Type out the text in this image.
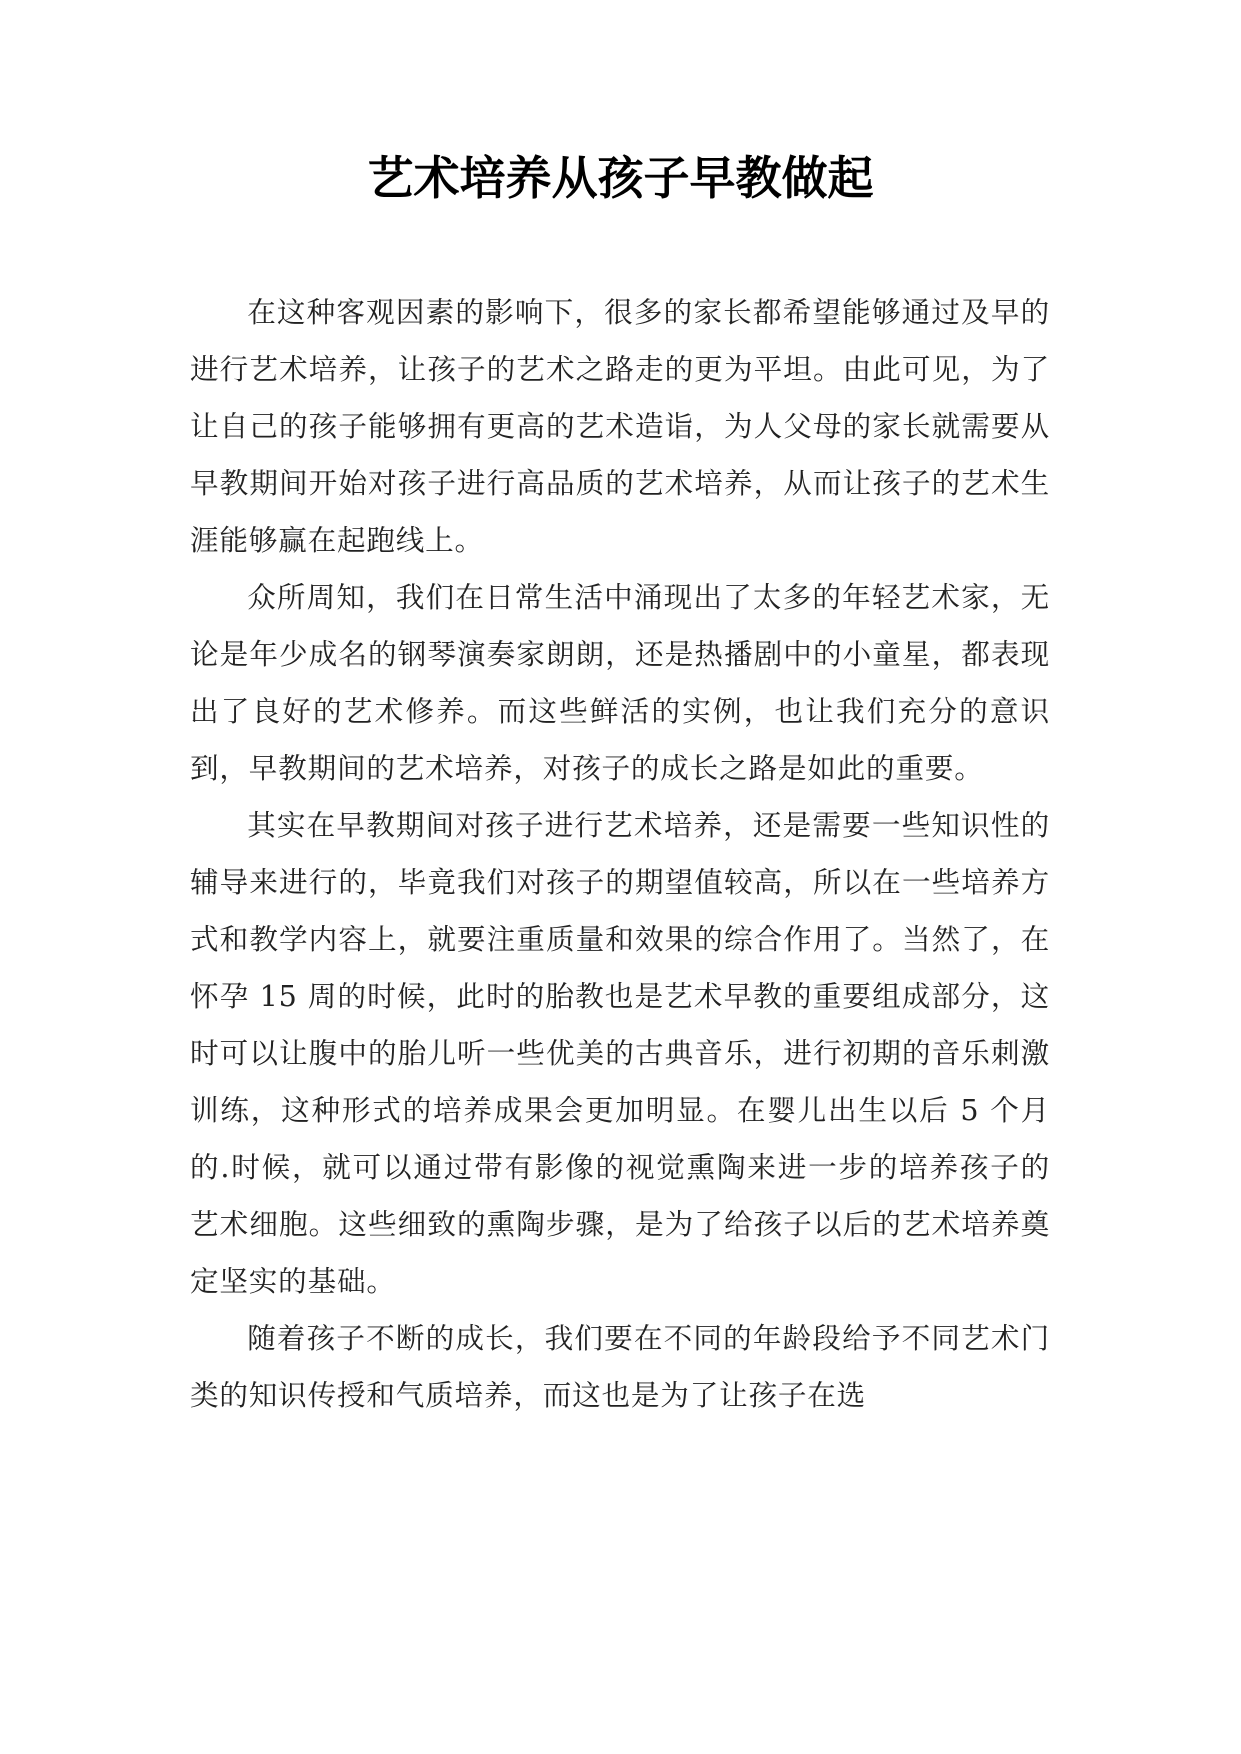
艺术培养从孩子早教做起

在这种客观因素的影响下，很多的家长都希望能够通过及早的进行艺术培养，让孩子的艺术之路走的更为平坦。由此可见，为了让自己的孩子能够拥有更高的艺术造诣，为人父母的家长就需要从早教期间开始对孩子进行高品质的艺术培养，从而让孩子的艺术生涯能够赢在起跑线上。

众所周知，我们在日常生活中涌现出了太多的年轻艺术家，无论是年少成名的钢琴演奏家朗朗，还是热播剧中的小童星，都表现出了良好的艺术修养。而这些鲜活的实例，也让我们充分的意识到，早教期间的艺术培养，对孩子的成长之路是如此的重要。

其实在早教期间对孩子进行艺术培养，还是需要一些知识性的辅导来进行的，毕竟我们对孩子的期望值较高，所以在一些培养方式和教学内容上，就要注重质量和效果的综合作用了。当然了，在怀孕 15 周的时候，此时的胎教也是艺术早教的重要组成部分，这时可以让腹中的胎儿听一些优美的古典音乐，进行初期的音乐刺激训练，这种形式的培养成果会更加明显。在婴儿出生以后 5 个月的.时候，就可以通过带有影像的视觉熏陶来进一步的培养孩子的艺术细胞。这些细致的熏陶步骤，是为了给孩子以后的艺术培养奠定坚实的基础。

随着孩子不断的成长，我们要在不同的年龄段给予不同艺术门类的知识传授和气质培养，而这也是为了让孩子在选
